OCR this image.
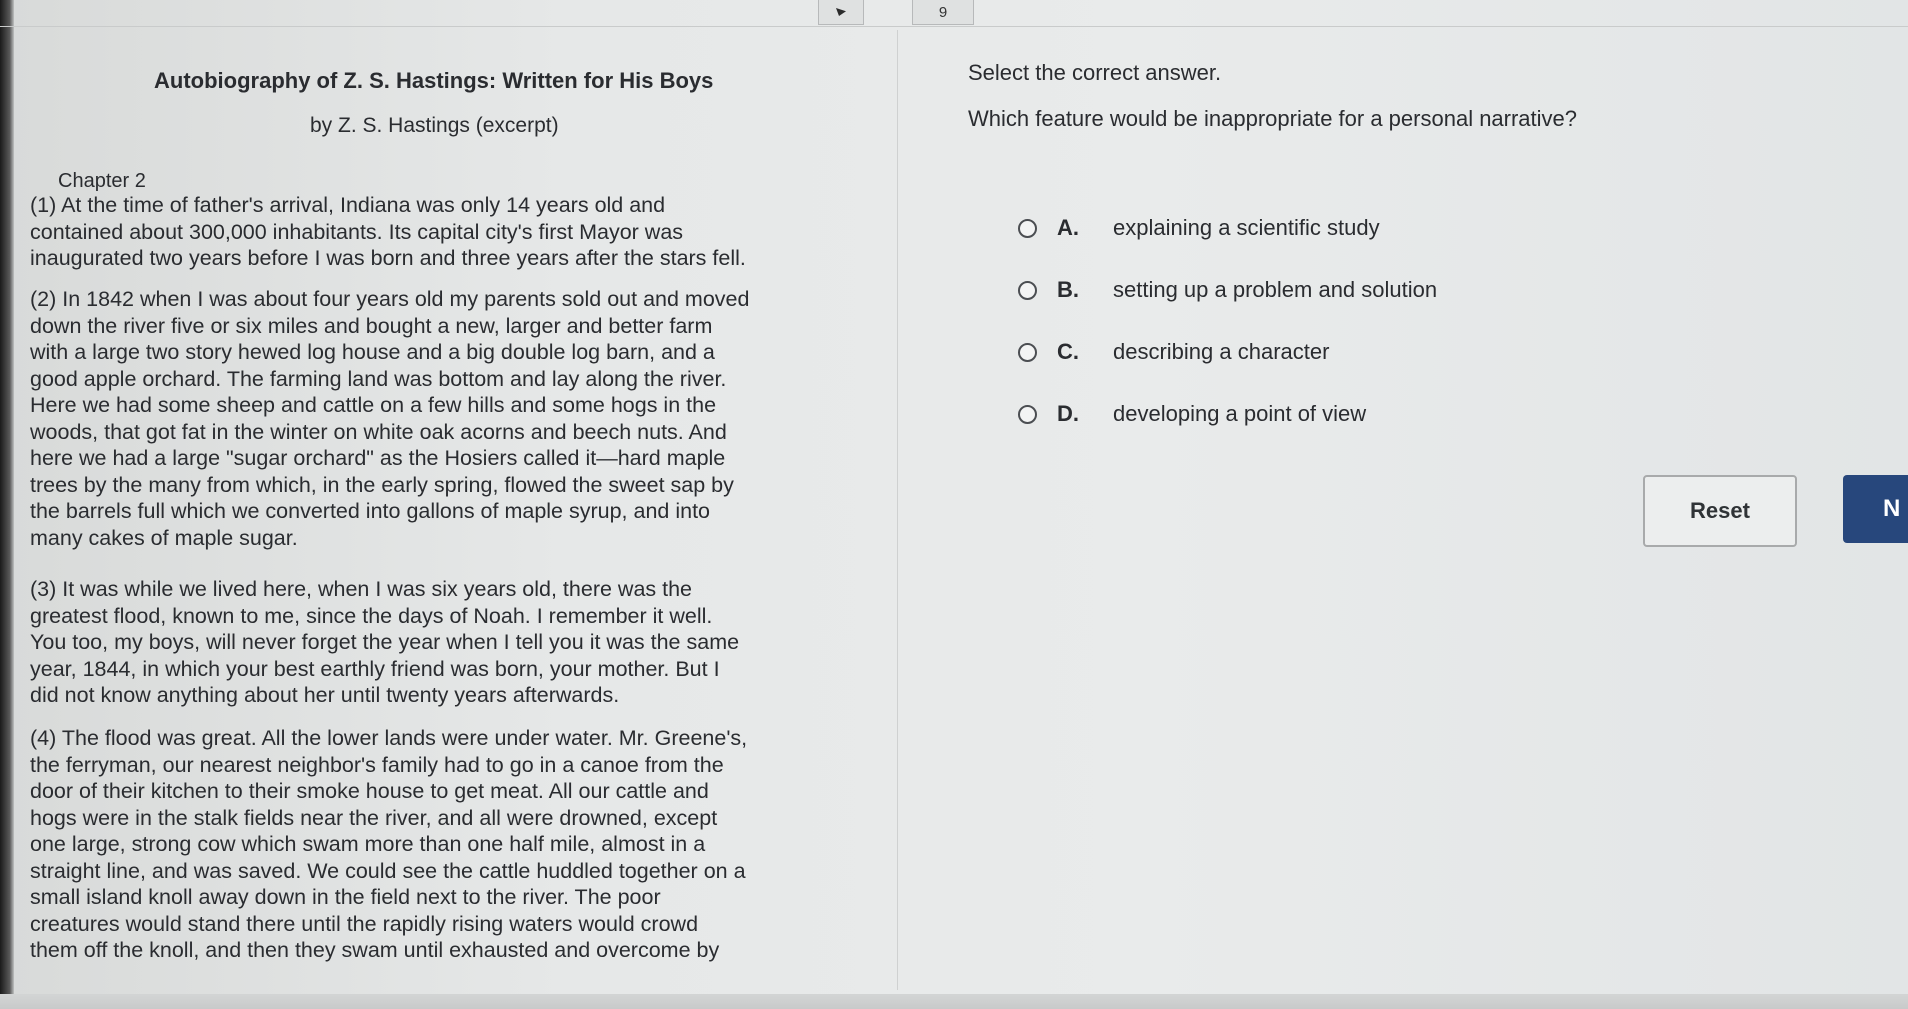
9
Autobiography of Z. S. Hastings: Written for His Boys
by Z. S. Hastings (excerpt)
Chapter 2

(1) At the time of father's arrival, Indiana was only 14 years old and

contained about 300,000 inhabitants. Its capital city's first Mayor was

inaugurated two years before I was born and three years after the stars fell.

(2) In 1842 when I was about four years old my parents sold out and moved

down the river five or six miles and bought a new, larger and better farm

with a large two story hewed log house and a big double log barn, and a

good apple orchard. The farming land was bottom and lay along the river.

Here we had some sheep and cattle on a few hills and some hogs in the

woods, that got fat in the winter on white oak acorns and beech nuts. And

here we had a large "sugar orchard" as the Hosiers called it—hard maple

trees by the many from which, in the early spring, flowed the sweet sap by

the barrels full which we converted into gallons of maple syrup, and into

many cakes of maple sugar.

(3) It was while we lived here, when I was six years old, there was the

greatest flood, known to me, since the days of Noah. I remember it well.

You too, my boys, will never forget the year when I tell you it was the same

year, 1844, in which your best earthly friend was born, your mother. But I

did not know anything about her until twenty years afterwards.

(4) The flood was great. All the lower lands were under water. Mr. Greene's,

the ferryman, our nearest neighbor's family had to go in a canoe from the

door of their kitchen to their smoke house to get meat. All our cattle and

hogs were in the stalk fields near the river, and all were drowned, except

one large, strong cow which swam more than one half mile, almost in a

straight line, and was saved. We could see the cattle huddled together on a

small island knoll away down in the field next to the river. The poor

creatures would stand there until the rapidly rising waters would crowd

them off the knoll, and then they swam until exhausted and overcome by

Select the correct answer.
Which feature would be inappropriate for a personal narrative?
A.	explaining a scientific study
B.	setting up a problem and solution
C.	describing a character
D.	developing a point of view
Reset	N
